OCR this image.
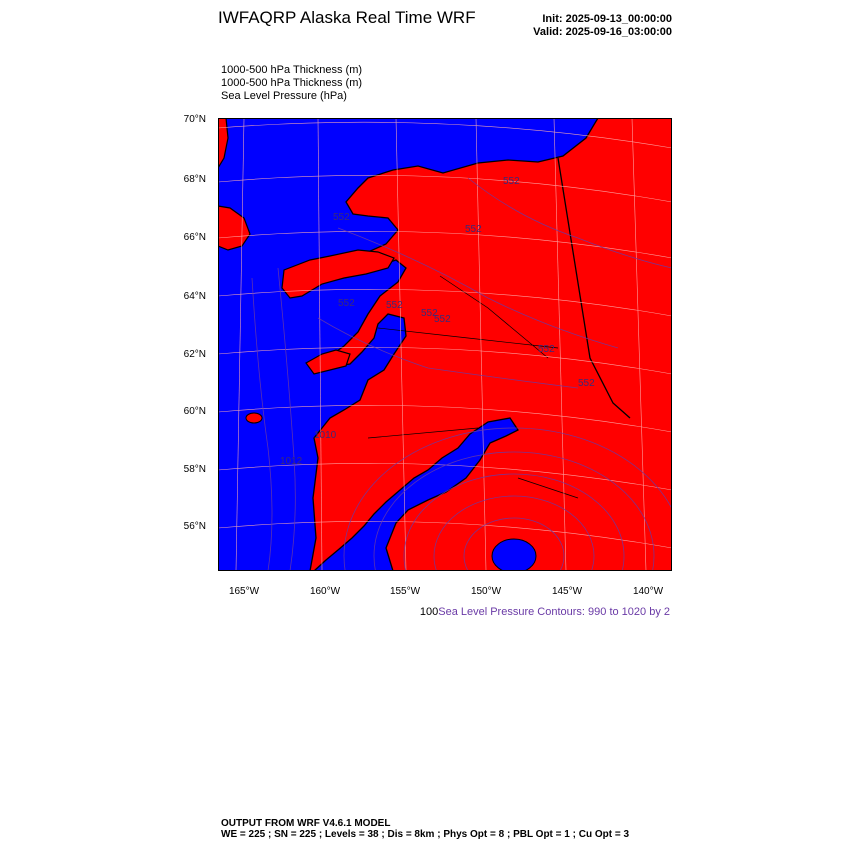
IWFAQRP Alaska Real Time WRF	Init: 2025-09-13_00:00:00
Valid: 2025-09-16_03:00:00
1000-500 hPa Thickness (m)
1000-500 hPa Thickness (m)
Sea Level Pressure (hPa)
70°N
68°N
66°N
64°N
62°N
60°N
58°N
56°N
165°W	160°W	155°W	150°W	145°W	140°W
552
552
552
552
552
552
552
552	552
1012
1010
100Sea Level Pressure Contours: 990 to 1020 by 2
OUTPUT FROM WRF V4.6.1 MODEL
WE = 225 ; SN = 225 ; Levels = 38 ; Dis = 8km ; Phys Opt = 8 ; PBL Opt = 1 ; Cu Opt = 3
